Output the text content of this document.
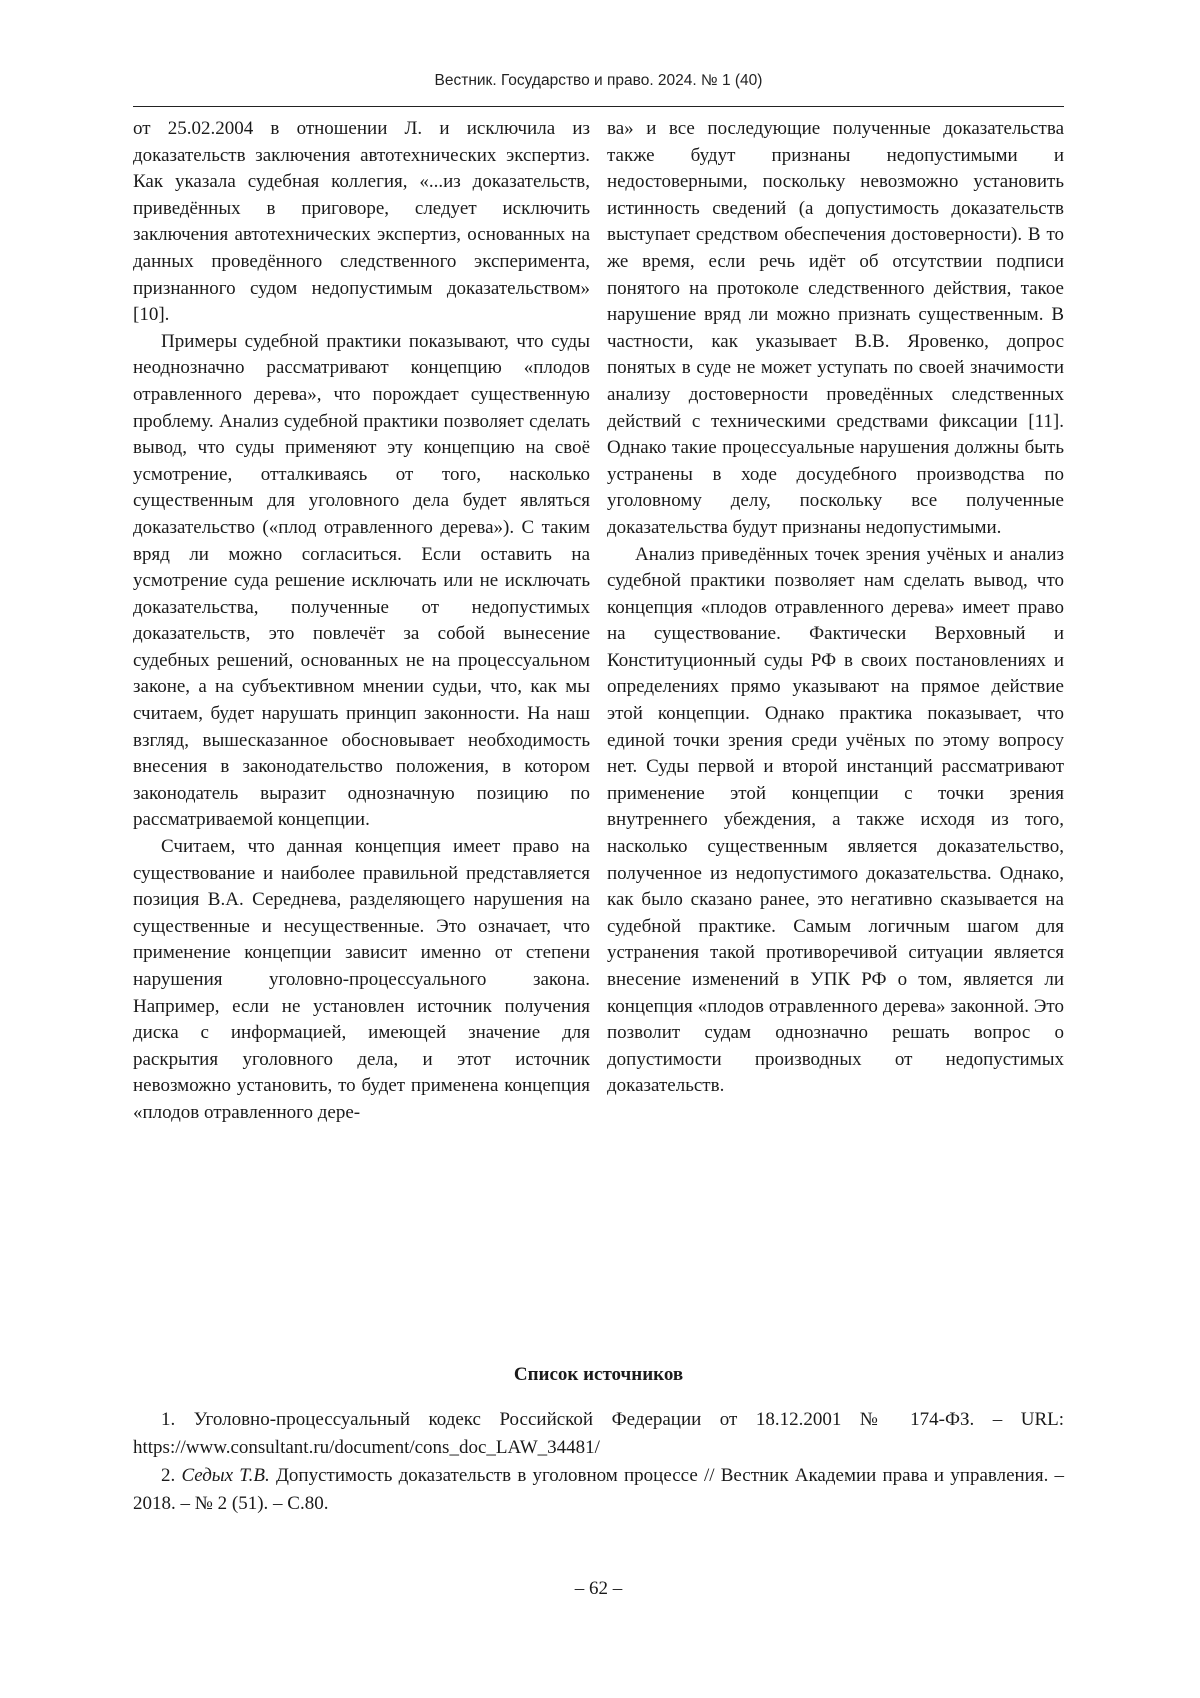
Вестник. Государство и право. 2024. № 1 (40)

от 25.02.2004 в отношении Л. и исключила из доказательств заключения автотехнических экспертиз. Как указала судебная коллегия, «...из доказательств, приведённых в приговоре, следует исключить заключения автотехнических экспертиз, основанных на данных проведённого следственного эксперимента, признанного судом недопустимым доказательством» [10].

Примеры судебной практики показывают, что суды неоднозначно рассматривают концепцию «плодов отравленного дерева», что порождает существенную проблему. Анализ судебной практики позволяет сделать вывод, что суды применяют эту концепцию на своё усмотрение, отталкиваясь от того, насколько существенным для уголовного дела будет являться доказательство («плод отравленного дерева»). С таким вряд ли можно согласиться. Если оставить на усмотрение суда решение исключать или не исключать доказательства, полученные от недопустимых доказательств, это повлечёт за собой вынесение судебных решений, основанных не на процессуальном законе, а на субъективном мнении судьи, что, как мы считаем, будет нарушать принцип законности. На наш взгляд, вышесказанное обосновывает необходимость внесения в законодательство положения, в котором законодатель выразит однозначную позицию по рассматриваемой концепции.

Считаем, что данная концепция имеет право на существование и наиболее правильной представляется позиция В.А. Середнева, разделяющего нарушения на существенные и несущественные. Это означает, что применение концепции зависит именно от степени нарушения уголовно-процессуального закона. Например, если не установлен источник получения диска с информацией, имеющей значение для раскрытия уголовного дела, и этот источник невозможно установить, то будет применена концепция «плодов отравленного дере-

ва» и все последующие полученные доказательства также будут признаны недопустимыми и недостоверными, поскольку невозможно установить истинность сведений (а допустимость доказательств выступает средством обеспечения достоверности). В то же время, если речь идёт об отсутствии подписи понятого на протоколе следственного действия, такое нарушение вряд ли можно признать существенным. В частности, как указывает В.В. Яровенко, допрос понятых в суде не может уступать по своей значимости анализу достоверности проведённых следственных действий с техническими средствами фиксации [11]. Однако такие процессуальные нарушения должны быть устранены в ходе досудебного производства по уголовному делу, поскольку все полученные доказательства будут признаны недопустимыми.

Анализ приведённых точек зрения учёных и анализ судебной практики позволяет нам сделать вывод, что концепция «плодов отравленного дерева» имеет право на существование. Фактически Верховный и Конституционный суды РФ в своих постановлениях и определениях прямо указывают на прямое действие этой концепции. Однако практика показывает, что единой точки зрения среди учёных по этому вопросу нет. Суды первой и второй инстанций рассматривают применение этой концепции с точки зрения внутреннего убеждения, а также исходя из того, насколько существенным является доказательство, полученное из недопустимого доказательства. Однако, как было сказано ранее, это негативно сказывается на судебной практике. Самым логичным шагом для устранения такой противоречивой ситуации является внесение изменений в УПК РФ о том, является ли концепция «плодов отравленного дерева» законной. Это позволит судам однозначно решать вопрос о допустимости производных от недопустимых доказательств.

Список источников

1. Уголовно-процессуальный кодекс Российской Федерации от 18.12.2001 № 174-ФЗ. – URL: https://www.consultant.ru/document/cons_doc_LAW_34481/

2. Седых Т.В. Допустимость доказательств в уголовном процессе // Вестник Академии права и управления. – 2018. – № 2 (51). – С.80.

– 62 –
